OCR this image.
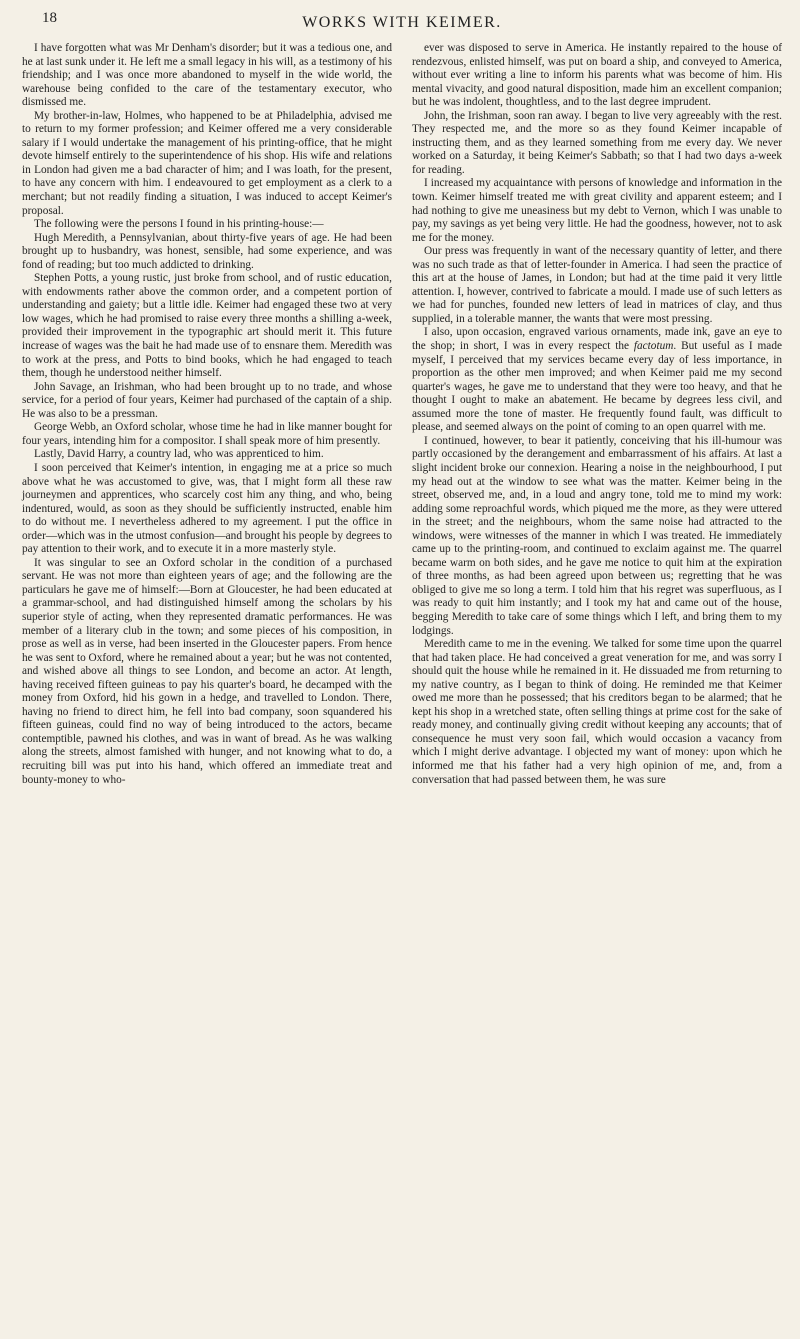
18	WORKS WITH KEIMER.

I have forgotten what was Mr Denham's disorder; but it was a tedious one, and he at last sunk under it. He left me a small legacy in his will, as a testimony of his friendship; and I was once more abandoned to myself in the wide world, the warehouse being confided to the care of the testamentary executor, who dismissed me.

My brother-in-law, Holmes, who happened to be at Philadelphia, advised me to return to my former profession; and Keimer offered me a very considerable salary if I would undertake the management of his printing-office, that he might devote himself entirely to the superintendence of his shop. His wife and relations in London had given me a bad character of him; and I was loath, for the present, to have any concern with him. I endeavoured to get employment as a clerk to a merchant; but not readily finding a situation, I was induced to accept Keimer's proposal.

The following were the persons I found in his printing-house:—

Hugh Meredith, a Pennsylvanian, about thirty-five years of age. He had been brought up to husbandry, was honest, sensible, had some experience, and was fond of reading; but too much addicted to drinking.

Stephen Potts, a young rustic, just broke from school, and of rustic education, with endowments rather above the common order, and a competent portion of understanding and gaiety; but a little idle. Keimer had engaged these two at very low wages, which he had promised to raise every three months a shilling a-week, provided their improvement in the typographic art should merit it. This future increase of wages was the bait he had made use of to ensnare them. Meredith was to work at the press, and Potts to bind books, which he had engaged to teach them, though he understood neither himself.

John Savage, an Irishman, who had been brought up to no trade, and whose service, for a period of four years, Keimer had purchased of the captain of a ship. He was also to be a pressman.

George Webb, an Oxford scholar, whose time he had in like manner bought for four years, intending him for a compositor. I shall speak more of him presently.

Lastly, David Harry, a country lad, who was apprenticed to him.

I soon perceived that Keimer's intention, in engaging me at a price so much above what he was accustomed to give, was, that I might form all these raw journeymen and apprentices, who scarcely cost him any thing, and who, being indentured, would, as soon as they should be sufficiently instructed, enable him to do without me. I nevertheless adhered to my agreement. I put the office in order—which was in the utmost confusion—and brought his people by degrees to pay attention to their work, and to execute it in a more masterly style.

It was singular to see an Oxford scholar in the condition of a purchased servant. He was not more than eighteen years of age; and the following are the particulars he gave me of himself:—Born at Gloucester, he had been educated at a grammar-school, and had distinguished himself among the scholars by his superior style of acting, when they represented dramatic performances. He was member of a literary club in the town; and some pieces of his composition, in prose as well as in verse, had been inserted in the Gloucester papers. From hence he was sent to Oxford, where he remained about a year; but he was not contented, and wished above all things to see London, and become an actor. At length, having received fifteen guineas to pay his quarter's board, he decamped with the money from Oxford, hid his gown in a hedge, and travelled to London. There, having no friend to direct him, he fell into bad company, soon squandered his fifteen guineas, could find no way of being introduced to the actors, became contemptible, pawned his clothes, and was in want of bread. As he was walking along the streets, almost famished with hunger, and not knowing what to do, a recruiting bill was put into his hand, which offered an immediate treat and bounty-money to who-

ever was disposed to serve in America. He instantly repaired to the house of rendezvous, enlisted himself, was put on board a ship, and conveyed to America, without ever writing a line to inform his parents what was become of him. His mental vivacity, and good natural disposition, made him an excellent companion; but he was indolent, thoughtless, and to the last degree imprudent.

John, the Irishman, soon ran away. I began to live very agreeably with the rest. They respected me, and the more so as they found Keimer incapable of instructing them, and as they learned something from me every day. We never worked on a Saturday, it being Keimer's Sabbath; so that I had two days a-week for reading.

I increased my acquaintance with persons of knowledge and information in the town. Keimer himself treated me with great civility and apparent esteem; and I had nothing to give me uneasiness but my debt to Vernon, which I was unable to pay, my savings as yet being very little. He had the goodness, however, not to ask me for the money.

Our press was frequently in want of the necessary quantity of letter, and there was no such trade as that of letter-founder in America. I had seen the practice of this art at the house of James, in London; but had at the time paid it very little attention. I, however, contrived to fabricate a mould. I made use of such letters as we had for punches, founded new letters of lead in matrices of clay, and thus supplied, in a tolerable manner, the wants that were most pressing.

I also, upon occasion, engraved various ornaments, made ink, gave an eye to the shop; in short, I was in every respect the factotum. But useful as I made myself, I perceived that my services became every day of less importance, in proportion as the other men improved; and when Keimer paid me my second quarter's wages, he gave me to understand that they were too heavy, and that he thought I ought to make an abatement. He became by degrees less civil, and assumed more the tone of master. He frequently found fault, was difficult to please, and seemed always on the point of coming to an open quarrel with me.

I continued, however, to bear it patiently, conceiving that his ill-humour was partly occasioned by the derangement and embarrassment of his affairs. At last a slight incident broke our connexion. Hearing a noise in the neighbourhood, I put my head out at the window to see what was the matter. Keimer being in the street, observed me, and, in a loud and angry tone, told me to mind my work: adding some reproachful words, which piqued me the more, as they were uttered in the street; and the neighbours, whom the same noise had attracted to the windows, were witnesses of the manner in which I was treated. He immediately came up to the printing-room, and continued to exclaim against me. The quarrel became warm on both sides, and he gave me notice to quit him at the expiration of three months, as had been agreed upon between us; regretting that he was obliged to give me so long a term. I told him that his regret was superfluous, as I was ready to quit him instantly; and I took my hat and came out of the house, begging Meredith to take care of some things which I left, and bring them to my lodgings.

Meredith came to me in the evening. We talked for some time upon the quarrel that had taken place. He had conceived a great veneration for me, and was sorry I should quit the house while he remained in it. He dissuaded me from returning to my native country, as I began to think of doing. He reminded me that Keimer owed me more than he possessed; that his creditors began to be alarmed; that he kept his shop in a wretched state, often selling things at prime cost for the sake of ready money, and continually giving credit without keeping any accounts; that of consequence he must very soon fail, which would occasion a vacancy from which I might derive advantage. I objected my want of money: upon which he informed me that his father had a very high opinion of me, and, from a conversation that had passed between them, he was sure
